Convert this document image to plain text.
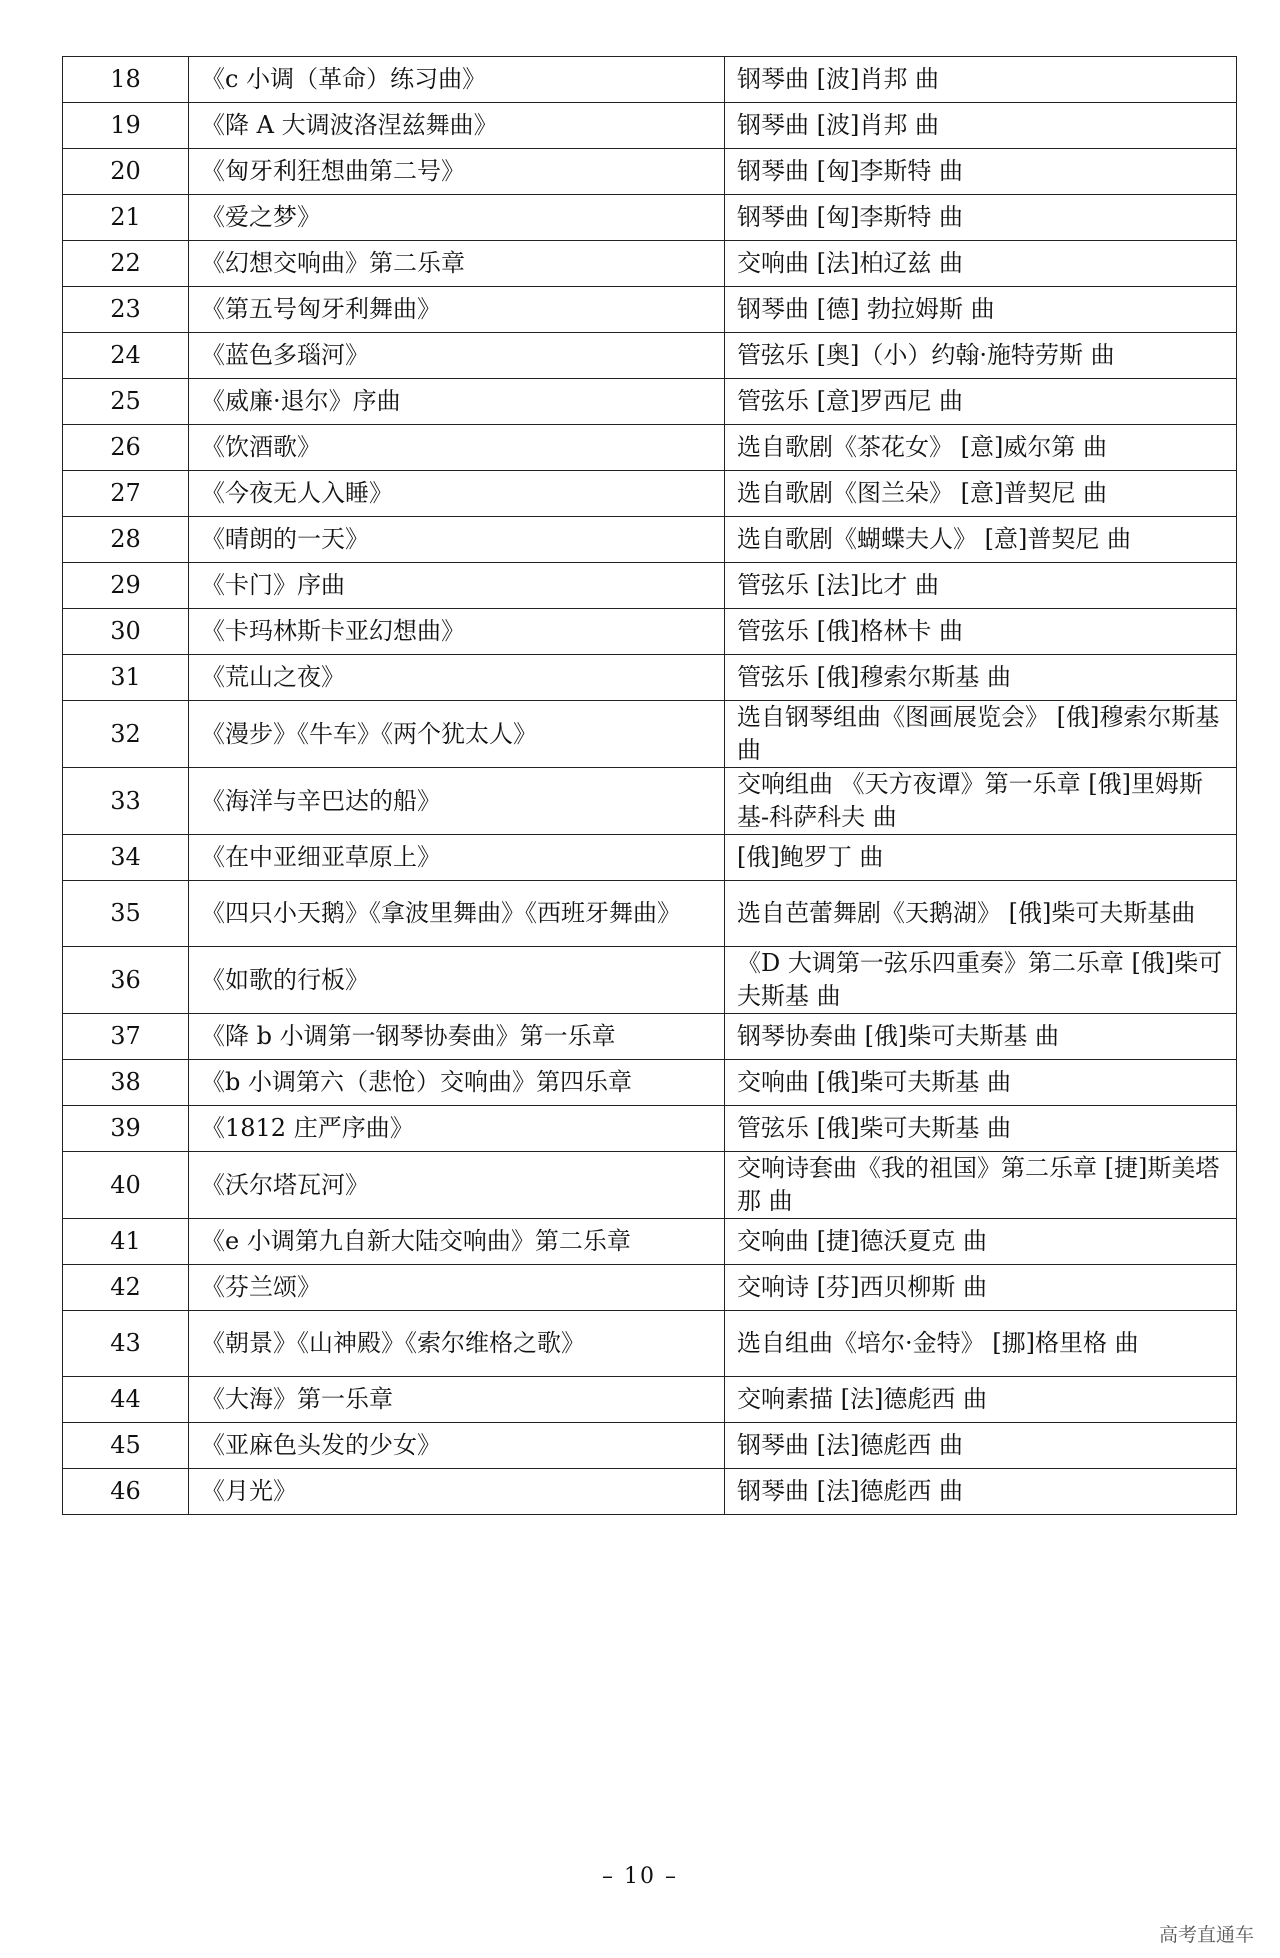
18	《c 小调（革命）练习曲》	钢琴曲 [波]肖邦 曲
19	《降 A 大调波洛涅兹舞曲》	钢琴曲 [波]肖邦 曲
20	《匈牙利狂想曲第二号》	钢琴曲 [匈]李斯特 曲
21	《爱之梦》	钢琴曲 [匈]李斯特 曲
22	《幻想交响曲》第二乐章	交响曲 [法]柏辽兹 曲
23	《第五号匈牙利舞曲》	钢琴曲 [德] 勃拉姆斯 曲
24	《蓝色多瑙河》	管弦乐 [奥]（小）约翰·施特劳斯 曲
25	《威廉·退尔》序曲	管弦乐 [意]罗西尼 曲
26	《饮酒歌》	选自歌剧《茶花女》 [意]威尔第 曲
27	《今夜无人入睡》	选自歌剧《图兰朵》 [意]普契尼 曲
28	《晴朗的一天》	选自歌剧《蝴蝶夫人》 [意]普契尼 曲
29	《卡门》序曲	管弦乐 [法]比才 曲
30	《卡玛林斯卡亚幻想曲》	管弦乐 [俄]格林卡 曲
31	《荒山之夜》	管弦乐 [俄]穆索尔斯基 曲
32	《漫步》《牛车》《两个犹太人》	选自钢琴组曲《图画展览会》 [俄]穆索尔斯基 曲
33	《海洋与辛巴达的船》	交响组曲 《天方夜谭》第一乐章 [俄]里姆斯基-科萨科夫 曲
34	《在中亚细亚草原上》	[俄]鲍罗丁 曲
35	《四只小天鹅》《拿波里舞曲》《西班牙舞曲》	选自芭蕾舞剧《天鹅湖》 [俄]柴可夫斯基曲
36	《如歌的行板》	《D 大调第一弦乐四重奏》第二乐章 [俄]柴可夫斯基 曲
37	《降 b 小调第一钢琴协奏曲》第一乐章	钢琴协奏曲 [俄]柴可夫斯基 曲
38	《b 小调第六（悲怆）交响曲》第四乐章	交响曲 [俄]柴可夫斯基 曲
39	《1812 庄严序曲》	管弦乐 [俄]柴可夫斯基 曲
40	《沃尔塔瓦河》	交响诗套曲《我的祖国》第二乐章 [捷]斯美塔那 曲
41	《e 小调第九自新大陆交响曲》第二乐章	交响曲 [捷]德沃夏克 曲
42	《芬兰颂》	交响诗 [芬]西贝柳斯 曲
43	《朝景》《山神殿》《索尔维格之歌》	选自组曲《培尔·金特》 [挪]格里格 曲
44	《大海》第一乐章	交响素描 [法]德彪西 曲
45	《亚麻色头发的少女》	钢琴曲 [法]德彪西 曲
46	《月光》	钢琴曲 [法]德彪西 曲
– 10 –
高考直通车
